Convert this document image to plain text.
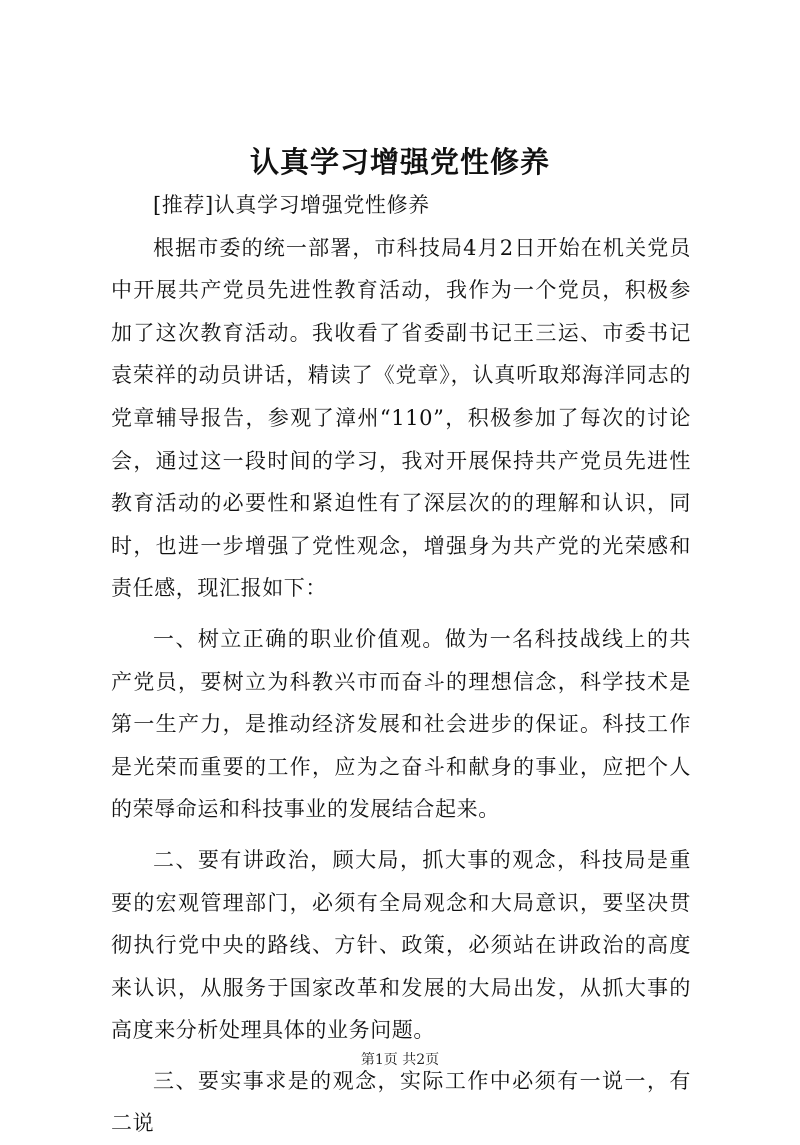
认真学习增强党性修养

[推荐]认真学习增强党性修养

根据市委的统一部署，市科技局4月2日开始在机关党员中开展共产党员先进性教育活动，我作为一个党员，积极参加了这次教育活动。我收看了省委副书记王三运、市委书记袁荣祥的动员讲话，精读了《党章》，认真听取郑海洋同志的党章辅导报告，参观了漳州“110”，积极参加了每次的讨论会，通过这一段时间的学习，我对开展保持共产党员先进性教育活动的必要性和紧迫性有了深层次的的理解和认识，同时，也进一步增强了党性观念，增强身为共产党的光荣感和责任感，现汇报如下：

一、树立正确的职业价值观。做为一名科技战线上的共产党员，要树立为科教兴市而奋斗的理想信念，科学技术是第一生产力，是推动经济发展和社会进步的保证。科技工作是光荣而重要的工作，应为之奋斗和献身的事业，应把个人的荣辱命运和科技事业的发展结合起来。

二、要有讲政治，顾大局，抓大事的观念，科技局是重要的宏观管理部门，必须有全局观念和大局意识，要坚决贯彻执行党中央的路线、方针、政策，必须站在讲政治的高度来认识，从服务于国家改革和发展的大局出发，从抓大事的高度来分析处理具体的业务问题。

三、要实事求是的观念，实际工作中必须有一说一，有二说

第1页 共2页
